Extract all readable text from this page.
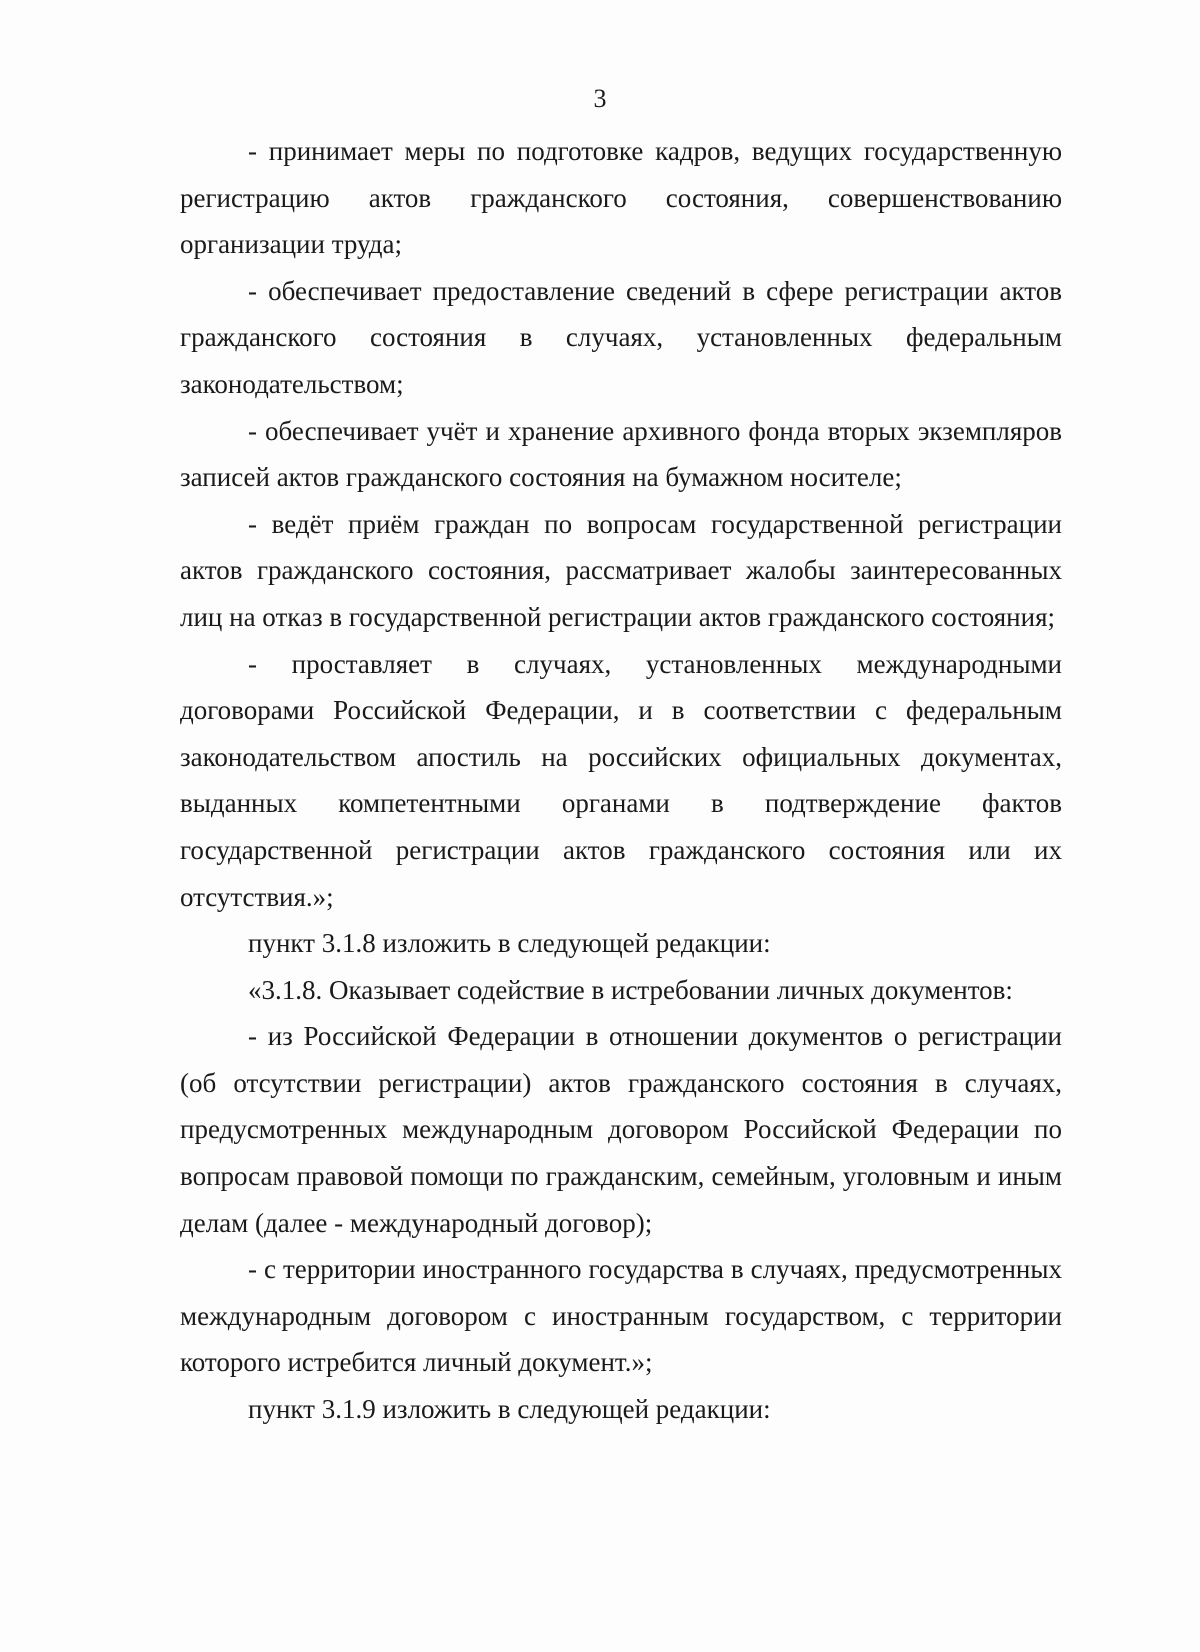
3

- принимает меры по подготовке кадров, ведущих государственную регистрацию актов гражданского состояния, совершенствованию организации труда;

- обеспечивает предоставление сведений в сфере регистрации актов гражданского состояния в случаях, установленных федеральным законодательством;

- обеспечивает учёт и хранение архивного фонда вторых экземпляров записей актов гражданского состояния на бумажном носителе;

- ведёт приём граждан по вопросам государственной регистрации актов гражданского состояния, рассматривает жалобы заинтересованных лиц на отказ в государственной регистрации актов гражданского состояния;

- проставляет в случаях, установленных международными договорами Российской Федерации, и в соответствии с федеральным законодательством апостиль на российских официальных документах, выданных компетентными органами в подтверждение фактов государственной регистрации актов гражданского состояния или их отсутствия.»;

пункт 3.1.8 изложить в следующей редакции:

«3.1.8. Оказывает содействие в истребовании личных документов:

- из Российской Федерации в отношении документов о регистрации (об отсутствии регистрации) актов гражданского состояния в случаях, предусмотренных международным договором Российской Федерации по вопросам правовой помощи по гражданским, семейным, уголовным и иным делам (далее - международный договор);

- с территории иностранного государства в случаях, предусмотренных международным договором с иностранным государством, с территории которого истребится личный документ.»;

пункт 3.1.9 изложить в следующей редакции:
